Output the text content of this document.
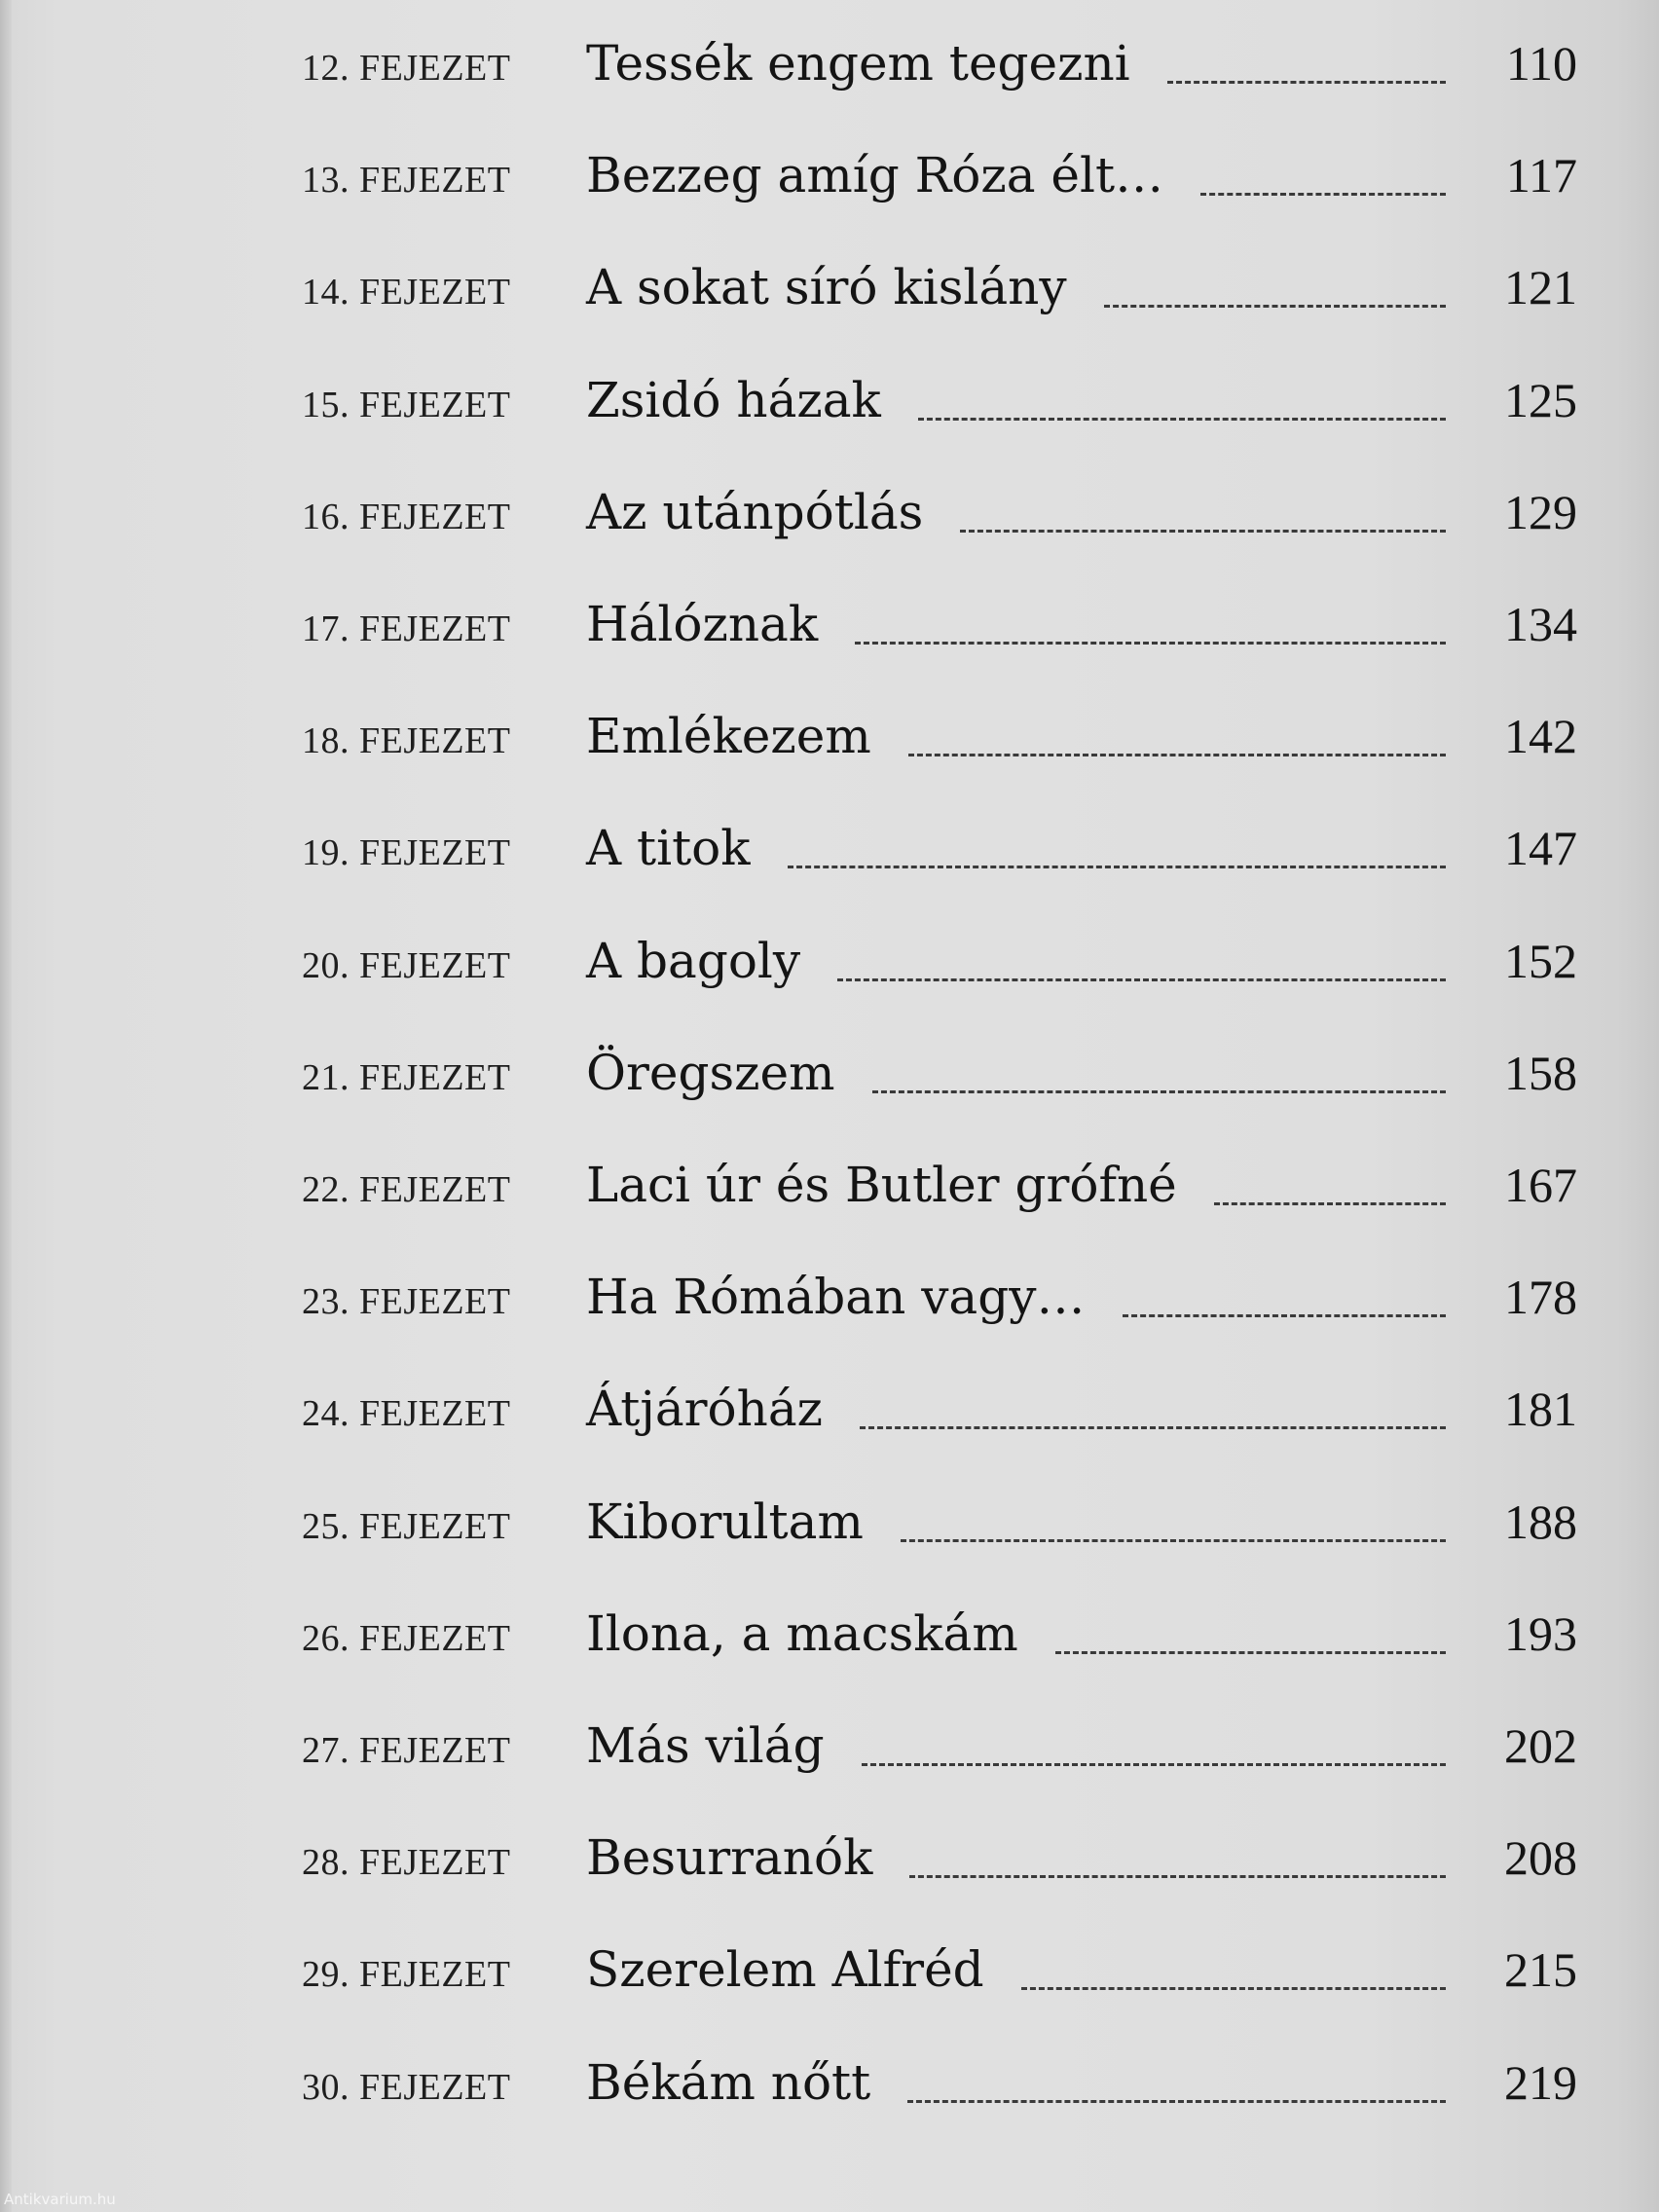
12. FEJEZET Tessék engem tegezni	110
13. FEJEZET Bezzeg amíg Róza élt…	117
14. FEJEZET A sokat síró kislány	121
15. FEJEZET Zsidó házak	125
16. FEJEZET Az utánpótlás	129
17. FEJEZET Hálóznak	134
18. FEJEZET Emlékezem	142
19. FEJEZET A titok	147
20. FEJEZET A bagoly	152
21. FEJEZET Öregszem	158
22. FEJEZET Laci úr és Butler grófné	167
23. FEJEZET Ha Rómában vagy…	178
24. FEJEZET Átjáróház	181
25. FEJEZET Kiborultam	188
26. FEJEZET Ilona, a macskám	193
27. FEJEZET Más világ	202
28. FEJEZET Besurranók	208
29. FEJEZET Szerelem Alfréd	215
30. FEJEZET Békám nőtt	219
Antikvarium.hu
